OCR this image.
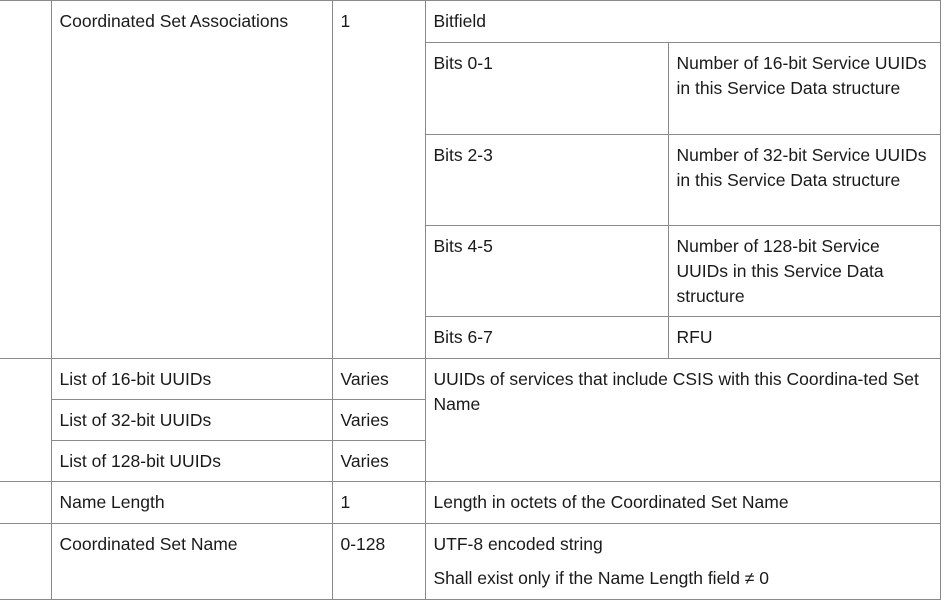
	Coordinated Set Associations	1	Bitfield	
			Bits 0-1	Number of 16-bit Service UUIDs in this Service Data structure
			Bits 2-3	Number of 32-bit Service UUIDs in this Service Data structure
			Bits 4-5	Number of 128-bit Service UUIDs in this Service Data structure
			Bits 6-7	RFU
	List of 16-bit UUIDs	Varies	UUIDs of services that include CSIS with this Coordina-ted Set Name	
	List of 32-bit UUIDs	Varies		
	List of 128-bit UUIDs	Varies		
	Name Length	1	Length in octets of the Coordinated Set Name	
	Coordinated Set Name	0-128	UTF-8 encoded string
Shall exist only if the Name Length field ≠ 0	
